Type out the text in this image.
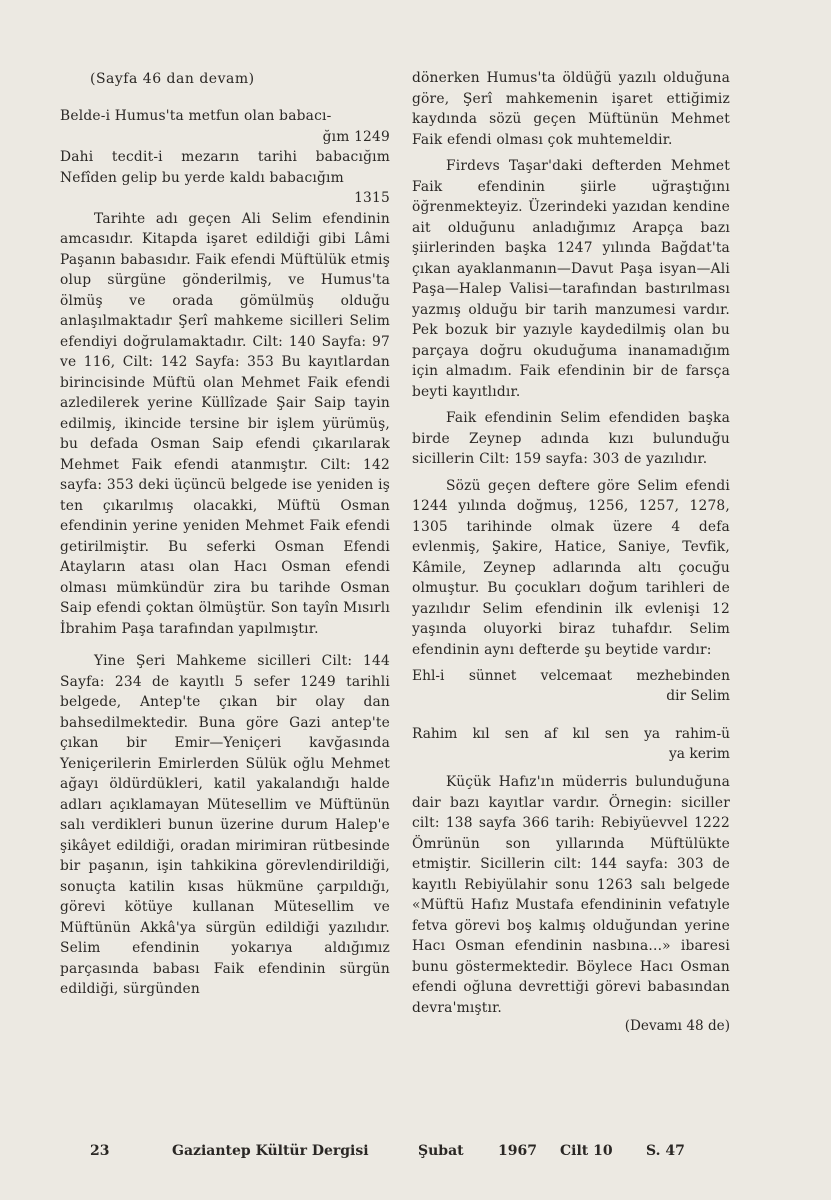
(Sayfa 46 dan devam)

Belde-i Humus'ta metfun olan babacı-

ğım 1249

Dahi tecdit-i mezarın tarihi babacığım Nefîden gelip bu yerde kaldı babacığım

1315

Tarihte adı geçen Ali Selim efendinin amcasıdır. Kitapda işaret edildiği gibi Lâmi Paşanın babasıdır. Faik efendi Müftülük etmiş olup sürgüne gönderilmiş, ve Humus'ta ölmüş ve orada gömülmüş olduğu anlaşılmaktadır Şerî mahkeme sicilleri Selim efendiyi doğrulamaktadır. Cilt: 140 Sayfa: 97 ve 116, Cilt: 142 Sayfa: 353 Bu kayıtlardan birincisinde Müftü olan Mehmet Faik efendi azledilerek yerine Küllîzade Şair Saip tayin edilmiş, ikincide tersine bir işlem yürümüş, bu defada Osman Saip efendi çıkarılarak Mehmet Faik efendi atanmıştır. Cilt: 142 sayfa: 353 deki üçüncü belgede ise yeniden iş ten çıkarılmış olacakki, Müftü Osman efendinin yerine yeniden Mehmet Faik efendi getirilmiştir. Bu seferki Osman Efendi Atayların atası olan Hacı Osman efendi olması mümkündür zira bu tarihde Osman Saip efendi çoktan ölmüştür. Son tayîn Mısırlı İbrahim Paşa tarafından yapılmıştır.

Yine Şeri Mahkeme sicilleri Cilt: 144 Sayfa: 234 de kayıtlı 5 sefer 1249 tarihli belgede, Antep'te çıkan bir olay dan bahsedilmektedir. Buna göre Gazi antep'te çıkan bir Emir—Yeniçeri kavğasında Yeniçerilerin Emirlerden Sülük oğlu Mehmet ağayı öldürdükleri, katil yakalandığı halde adları açıklamayan Mütesellim ve Müftünün salı verdikleri bunun üzerine durum Halep'e şikâyet edildiği, oradan mirimiran rütbesinde bir paşanın, işin tahkikina görevlendirildiği, sonuçta katilin kısas hükmüne çarpıldığı, görevi kötüye kullanan Mütesellim ve Müftünün Akkâ'ya sürgün edildiği yazılıdır. Selim efendinin yokarıya aldığımız parçasında babası Faik efendinin sürgün edildiği, sürgünden

dönerken Humus'ta öldüğü yazılı olduğuna göre, Şerî mahkemenin işaret ettiğimiz kaydında sözü geçen Müftünün Mehmet Faik efendi olması çok muhtemeldir.

Firdevs Taşar'daki defterden Mehmet Faik efendinin şiirle uğraştığını öğrenmekteyiz. Üzerindeki yazıdan kendine ait olduğunu anladığımız Arapça bazı şiirlerinden başka 1247 yılında Bağdat'ta çıkan ayaklanmanın—Davut Paşa isyan—Ali Paşa—Halep Valisi—tarafından bastırılması yazmış olduğu bir tarih manzumesi vardır. Pek bozuk bir yazıyle kaydedilmiş olan bu parçaya doğru okuduğuma inanamadığım için almadım. Faik efendinin bir de farsça beyti kayıtlıdır.

Faik efendinin Selim efendiden başka birde Zeynep adında kızı bulunduğu sicillerin Cilt: 159 sayfa: 303 de yazılıdır.

Sözü geçen deftere göre Selim efendi 1244 yılında doğmuş, 1256, 1257, 1278, 1305 tarihinde olmak üzere 4 defa evlenmiş, Şakire, Hatice, Saniye, Tevfik, Kâmile, Zeynep adlarında altı çocuğu olmuştur. Bu çocukları doğum tarihleri de yazılıdır Selim efendinin ilk evlenişi 12 yaşında oluyorki biraz tuhafdır. Selim efendinin aynı defterde şu beytide vardır:

Ehl-i sünnet velcemaat mezhebinden
dir Selim
Rahim kıl sen af kıl sen ya rahim-ü
ya kerim

Küçük Hafız'ın müderris bulunduğuna dair bazı kayıtlar vardır. Örnegin: siciller cilt: 138 sayfa 366 tarih: Rebiyüevvel 1222 Ömrünün son yıllarında Müftülükte etmiştir. Sicillerin cilt: 144 sayfa: 303 de kayıtlı Rebiyülahir sonu 1263 salı belgede «Müftü Hafız Mustafa efendininin vefatıyle fetva görevi boş kalmış olduğundan yerine Hacı Osman efendinin nasbına...» ibaresi bunu göstermektedir. Böylece Hacı Osman efendi oğluna devrettiği görevi babasından devra'mıştır.

(Devamı 48 de)
23	Gaziantep Kültür Dergisi	Şubat 1967 Cilt 10 S. 47
